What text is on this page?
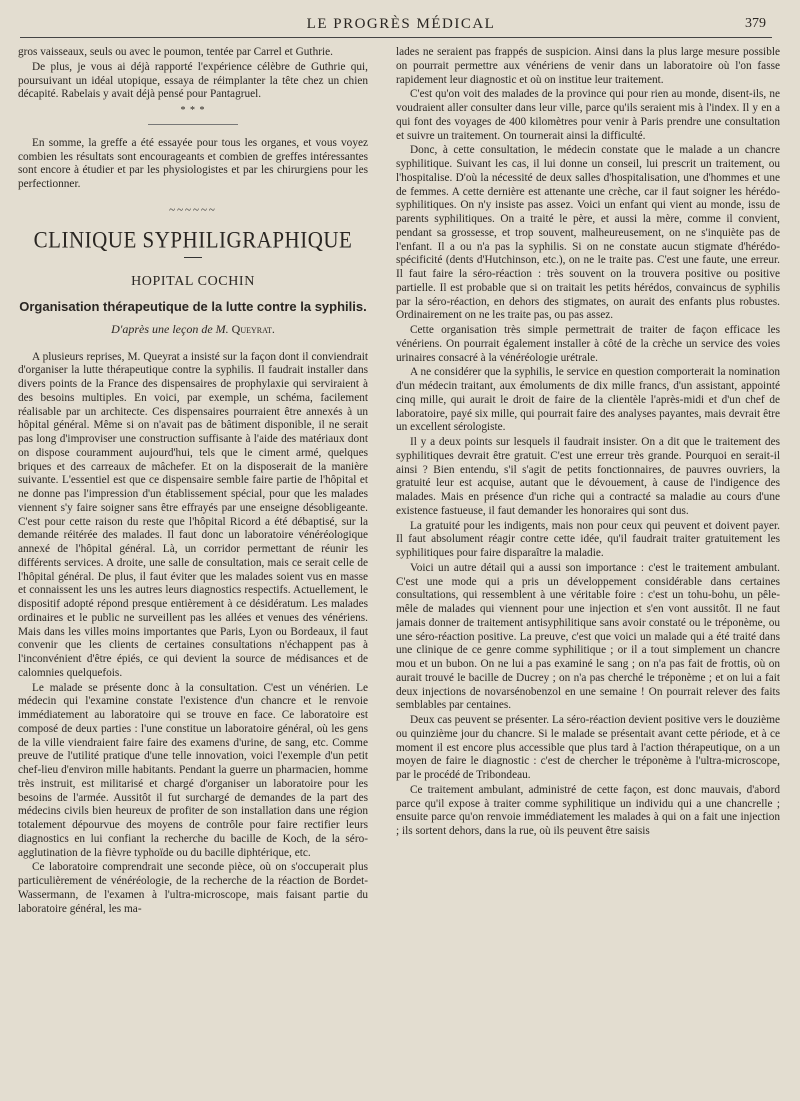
LE PROGRÈS MÉDICAL	379

gros vaisseaux, seuls ou avec le poumon, tentée par Carrel et Guthrie.

De plus, je vous ai déjà rapporté l'expérience célèbre de Guthrie qui, poursuivant un idéal utopique, essaya de réimplanter la tête chez un chien décapité. Rabelais y avait déjà pensé pour Pantagruel.

* * *

En somme, la greffe a été essayée pour tous les organes, et vous voyez combien les résultats sont encourageants et combien de greffes intéressantes sont encore à étudier et par les physiologistes et par les chirurgiens pour les perfectionner.

~~~~~~
CLINIQUE SYPHILIGRAPHIQUE
HOPITAL COCHIN
Organisation thérapeutique de la lutte contre la syphilis.
D'après une leçon de M. Queyrat.

A plusieurs reprises, M. Queyrat a insisté sur la façon dont il conviendrait d'organiser la lutte thérapeutique contre la syphilis. Il faudrait installer dans divers points de la France des dispensaires de prophylaxie qui serviraient à des besoins multiples. En voici, par exemple, un schéma, facilement réalisable par un architecte. Ces dispensaires pourraient être annexés à un hôpital général. Même si on n'avait pas de bâtiment disponible, il ne serait pas long d'improviser une construction suffisante à l'aide des matériaux dont on dispose couramment aujourd'hui, tels que le ciment armé, quelques briques et des carreaux de mâchefer. Et on la disposerait de la manière suivante. L'essentiel est que ce dispensaire semble faire partie de l'hôpital et ne donne pas l'impression d'un établissement spécial, pour que les malades viennent s'y faire soigner sans être effrayés par une enseigne désobligeante. C'est pour cette raison du reste que l'hôpital Ricord a été débaptisé, sur la demande réitérée des malades. Il faut donc un laboratoire vénéréologique annexé de l'hôpital général. Là, un corridor permettant de réunir les différents services. A droite, une salle de consultation, mais ce serait celle de l'hôpital général. De plus, il faut éviter que les malades soient vus en masse et connaissent les uns les autres leurs diagnostics respectifs. Actuellement, le dispositif adopté répond presque entièrement à ce désidératum. Les malades ordinaires et le public ne surveillent pas les allées et venues des vénériens. Mais dans les villes moins importantes que Paris, Lyon ou Bordeaux, il faut convenir que les clients de certaines consultations n'échappent pas à l'inconvénient d'être épiés, ce qui devient la source de médisances et de calomnies quelquefois.

Le malade se présente donc à la consultation. C'est un vénérien. Le médecin qui l'examine constate l'existence d'un chancre et le renvoie immédiatement au laboratoire qui se trouve en face. Ce laboratoire est composé de deux parties : l'une constitue un laboratoire général, où les gens de la ville viendraient faire faire des examens d'urine, de sang, etc. Comme preuve de l'utilité pratique d'une telle innovation, voici l'exemple d'un petit chef-lieu d'environ mille habitants. Pendant la guerre un pharmacien, homme très instruit, est militarisé et chargé d'organiser un laboratoire pour les besoins de l'armée. Aussitôt il fut surchargé de demandes de la part des médecins civils bien heureux de profiter de son installation dans une région totalement dépourvue des moyens de contrôle pour faire rectifier leurs diagnostics en lui confiant la recherche du bacille de Koch, de la séro-agglutination de la fièvre typhoïde ou du bacille diphtérique, etc.

Ce laboratoire comprendrait une seconde pièce, où on s'occuperait plus particulièrement de vénéréologie, de la recherche de la réaction de Bordet-Wassermann, de l'examen à l'ultra-microscope, mais faisant partie du laboratoire général, les ma-

lades ne seraient pas frappés de suspicion. Ainsi dans la plus large mesure possible on pourrait permettre aux vénériens de venir dans un laboratoire où l'on fasse rapidement leur diagnostic et où on institue leur traitement.

C'est qu'on voit des malades de la province qui pour rien au monde, disent-ils, ne voudraient aller consulter dans leur ville, parce qu'ils seraient mis à l'index. Il y en a qui font des voyages de 400 kilomètres pour venir à Paris prendre une consultation et suivre un traitement. On tournerait ainsi la difficulté.

Donc, à cette consultation, le médecin constate que le malade a un chancre syphilitique. Suivant les cas, il lui donne un conseil, lui prescrit un traitement, ou l'hospitalise. D'où la nécessité de deux salles d'hospitalisation, une d'hommes et une de femmes. A cette dernière est attenante une crèche, car il faut soigner les hérédo-syphilitiques. On n'y insiste pas assez. Voici un enfant qui vient au monde, issu de parents syphilitiques. On a traité le père, et aussi la mère, comme il convient, pendant sa grossesse, et trop souvent, malheureusement, on ne s'inquiète pas de l'enfant. Il a ou n'a pas la syphilis. Si on ne constate aucun stigmate d'hérédo-spécificité (dents d'Hutchinson, etc.), on ne le traite pas. C'est une faute, une erreur. Il faut faire la séro-réaction : très souvent on la trouvera positive ou positive partielle. Il est probable que si on traitait les petits hérédos, convaincus de syphilis par la séro-réaction, en dehors des stigmates, on aurait des enfants plus robustes. Ordinairement on ne les traite pas, ou pas assez.

Cette organisation très simple permettrait de traiter de façon efficace les vénériens. On pourrait également installer à côté de la crèche un service des voies urinaires consacré à la vénéréologie urétrale.

A ne considérer que la syphilis, le service en question comporterait la nomination d'un médecin traitant, aux émoluments de dix mille francs, d'un assistant, appointé cinq mille, qui aurait le droit de faire de la clientèle l'après-midi et d'un chef de laboratoire, payé six mille, qui pourrait faire des analyses payantes, mais devrait être un excellent sérologiste.

Il y a deux points sur lesquels il faudrait insister. On a dit que le traitement des syphilitiques devrait être gratuit. C'est une erreur très grande. Pourquoi en serait-il ainsi ? Bien entendu, s'il s'agit de petits fonctionnaires, de pauvres ouvriers, la gratuité leur est acquise, autant que le dévouement, à cause de l'indigence des malades. Mais en présence d'un riche qui a contracté sa maladie au cours d'une existence fastueuse, il faut demander les honoraires qui sont dus.

La gratuité pour les indigents, mais non pour ceux qui peuvent et doivent payer. Il faut absolument réagir contre cette idée, qu'il faudrait traiter gratuitement les syphilitiques pour faire disparaître la maladie.

Voici un autre détail qui a aussi son importance : c'est le traitement ambulant. C'est une mode qui a pris un développement considérable dans certaines consultations, qui ressemblent à une véritable foire : c'est un tohu-bohu, un pêle-mêle de malades qui viennent pour une injection et s'en vont aussitôt. Il ne faut jamais donner de traitement antisyphilitique sans avoir constaté ou le tréponème, ou une séro-réaction positive. La preuve, c'est que voici un malade qui a été traité dans une clinique de ce genre comme syphilitique ; or il a tout simplement un chancre mou et un bubon. On ne lui a pas examiné le sang ; on n'a pas fait de frottis, où on aurait trouvé le bacille de Ducrey ; on n'a pas cherché le tréponème ; et on lui a fait deux injections de novarsénobenzol en une semaine ! On pourrait relever des faits semblables par centaines.

Deux cas peuvent se présenter. La séro-réaction devient positive vers le douzième ou quinzième jour du chancre. Si le malade se présentait avant cette période, et à ce moment il est encore plus accessible que plus tard à l'action thérapeutique, on a un moyen de faire le diagnostic : c'est de chercher le tréponème à l'ultra-microscope, par le procédé de Tribondeau.

Ce traitement ambulant, administré de cette façon, est donc mauvais, d'abord parce qu'il expose à traiter comme syphilitique un individu qui a une chancrelle ; ensuite parce qu'on renvoie immédiatement les malades à qui on a fait une injection ; ils sortent dehors, dans la rue, où ils peuvent être saisis
